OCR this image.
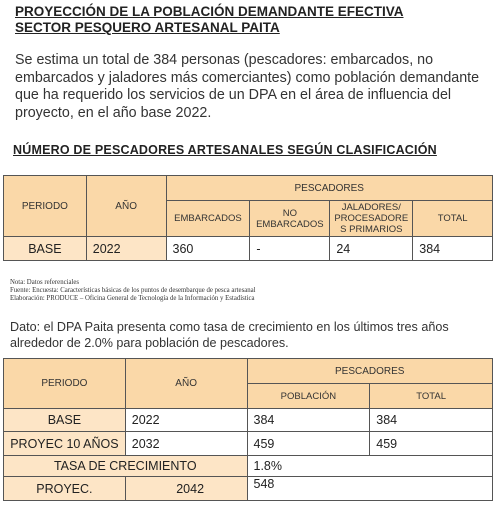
PROYECCIÓN DE LA POBLACIÓN DEMANDANTE EFECTIVA
SECTOR PESQUERO ARTESANAL PAITA
Se estima un total de 384 personas (pescadores: embarcados, no embarcados y jaladores más comerciantes) como población demandante que ha requerido los servicios de un DPA en el área de influencia del proyecto, en el año base 2022.
NÚMERO DE PESCADORES ARTESANALES SEGÚN CLASIFICACIÓN
PERIODO	AÑO	PESCADORES			
		EMBARCADOS	NO EMBARCADOS	JALADORES/ PROCESADORE S PRIMARIOS	TOTAL
BASE	2022	360	-	24	384
Nota: Datos referenciales
Fuente: Encuesta: Características básicas de los puntos de desembarque de pesca artesanal
Elaboración: PRODUCE – Oficina General de Tecnología de la Información y Estadística
Dato: el DPA Paita presenta como tasa de crecimiento en los últimos tres años alrededor de 2.0% para población de pescadores.
PERIODO	AÑO	PESCADORES	
		POBLACIÓN	TOTAL
BASE	2022	384	384
PROYEC 10 AÑOS	2032	459	459
TASA DE CRECIMIENTO		1.8%	
PROYEC.	2042	548	
